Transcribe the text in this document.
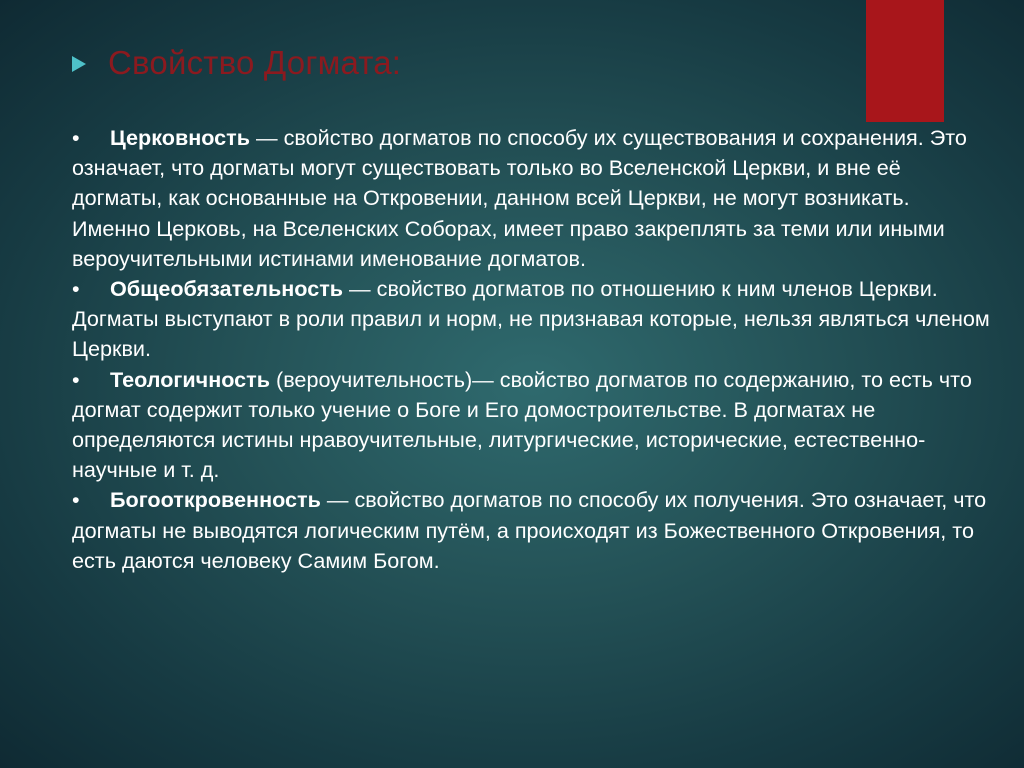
Свойство Догмата:

• Церковность — свойство догматов по способу их существования и сохранения. Это означает, что догматы могут существовать только во Вселенской Церкви, и вне её догматы, как основанные на Откровении, данном всей Церкви, не могут возникать. Именно Церковь, на Вселенских Соборах, имеет право закреплять за теми или иными вероучительными истинами именование догматов.

• Общеобязательность — свойство догматов по отношению к ним членов Церкви. Догматы выступают в роли правил и норм, не признавая которые, нельзя являться членом Церкви.

• Теологичность (вероучительность)— свойство догматов по содержанию, то есть что догмат содержит только учение о Боге и Его домостроительстве. В догматах не определяются истины нравоучительные, литургические, исторические, естественно-научные и т. д.

• Богооткровенность — свойство догматов по способу их получения. Это означает, что догматы не выводятся логическим путём, а происходят из Божественного Откровения, то есть даются человеку Самим Богом.
